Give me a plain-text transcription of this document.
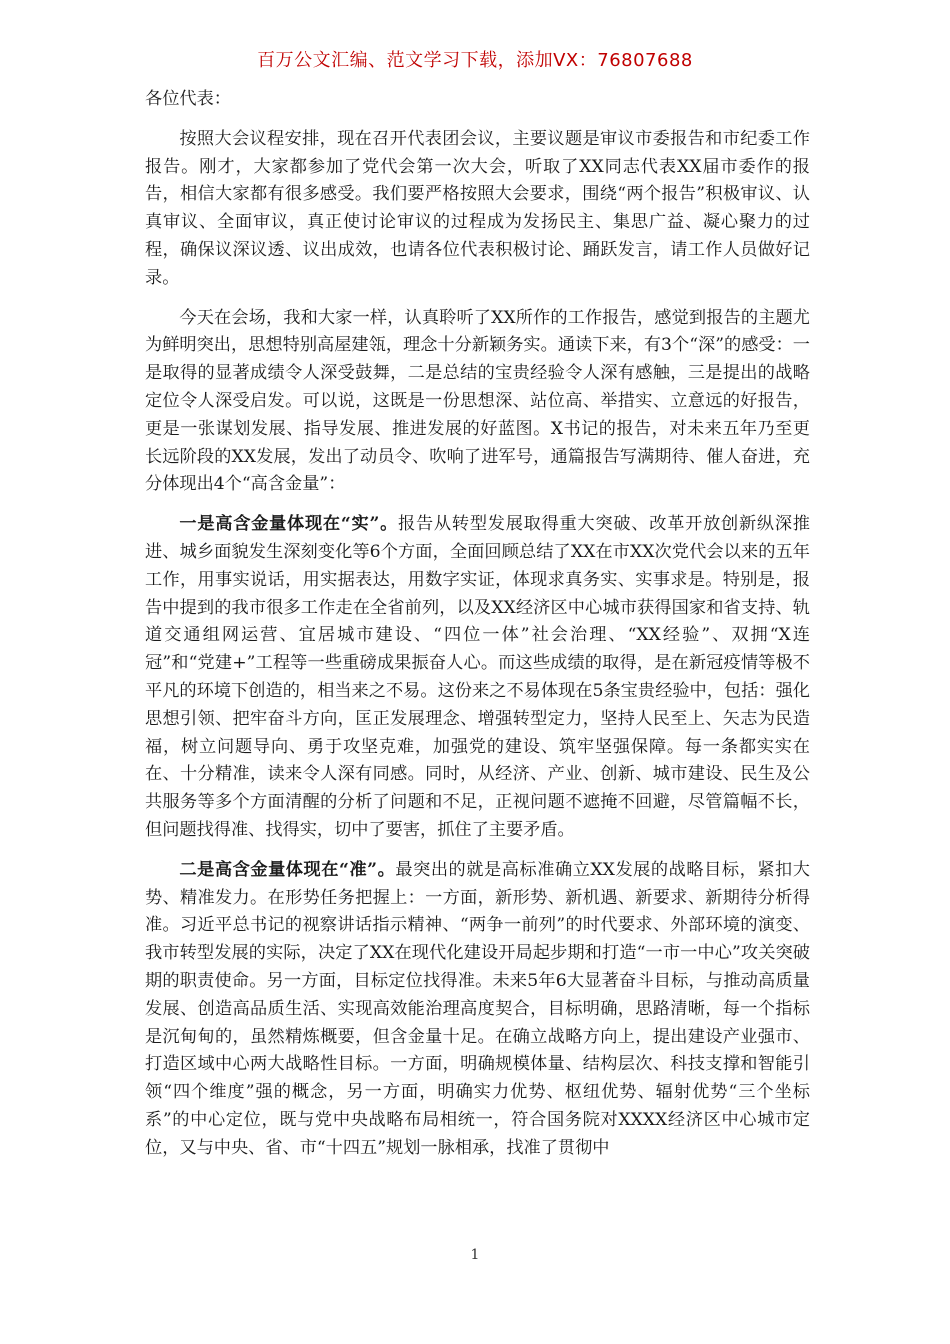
百万公文汇编、范文学习下载，添加VX：76807688

各位代表：

按照大会议程安排，现在召开代表团会议，主要议题是审议市委报告和市纪委工作报告。刚才，大家都参加了党代会第一次大会，听取了XX同志代表XX届市委作的报告，相信大家都有很多感受。我们要严格按照大会要求，围绕“两个报告”积极审议、认真审议、全面审议，真正使讨论审议的过程成为发扬民主、集思广益、凝心聚力的过程，确保议深议透、议出成效，也请各位代表积极讨论、踊跃发言，请工作人员做好记录。

今天在会场，我和大家一样，认真聆听了XX所作的工作报告，感觉到报告的主题尤为鲜明突出，思想特别高屋建瓴，理念十分新颖务实。通读下来，有3个“深”的感受：一是取得的显著成绩令人深受鼓舞，二是总结的宝贵经验令人深有感触，三是提出的战略定位令人深受启发。可以说，这既是一份思想深、站位高、举措实、立意远的好报告，更是一张谋划发展、指导发展、推进发展的好蓝图。X书记的报告，对未来五年乃至更长远阶段的XX发展，发出了动员令、吹响了进军号，通篇报告写满期待、催人奋进，充分体现出4个“高含金量”：

一是高含金量体现在“实”。报告从转型发展取得重大突破、改革开放创新纵深推进、城乡面貌发生深刻变化等6个方面，全面回顾总结了XX在市XX次党代会以来的五年工作，用事实说话，用实据表达，用数字实证，体现求真务实、实事求是。特别是，报告中提到的我市很多工作走在全省前列，以及XX经济区中心城市获得国家和省支持、轨道交通组网运营、宜居城市建设、“四位一体”社会治理、“XX经验”、双拥“X连冠”和“党建+”工程等一些重磅成果振奋人心。而这些成绩的取得，是在新冠疫情等极不平凡的环境下创造的，相当来之不易。这份来之不易体现在5条宝贵经验中，包括：强化思想引领、把牢奋斗方向，匡正发展理念、增强转型定力，坚持人民至上、矢志为民造福，树立问题导向、勇于攻坚克难，加强党的建设、筑牢坚强保障。每一条都实实在在、十分精准，读来令人深有同感。同时，从经济、产业、创新、城市建设、民生及公共服务等多个方面清醒的分析了问题和不足，正视问题不遮掩不回避，尽管篇幅不长，但问题找得准、找得实，切中了要害，抓住了主要矛盾。

二是高含金量体现在“准”。最突出的就是高标准确立XX发展的战略目标，紧扣大势、精准发力。在形势任务把握上：一方面，新形势、新机遇、新要求、新期待分析得准。习近平总书记的视察讲话指示精神、“两争一前列”的时代要求、外部环境的演变、我市转型发展的实际，决定了XX在现代化建设开局起步期和打造“一市一中心”攻关突破期的职责使命。另一方面，目标定位找得准。未来5年6大显著奋斗目标，与推动高质量发展、创造高品质生活、实现高效能治理高度契合，目标明确，思路清晰，每一个指标是沉甸甸的，虽然精炼概要，但含金量十足。在确立战略方向上，提出建设产业强市、打造区域中心两大战略性目标。一方面，明确规模体量、结构层次、科技支撑和智能引领“四个维度”强的概念，另一方面，明确实力优势、枢纽优势、辐射优势“三个坐标系”的中心定位，既与党中央战略布局相统一，符合国务院对XXXX经济区中心城市定位，又与中央、省、市“十四五”规划一脉相承，找准了贯彻中

1
